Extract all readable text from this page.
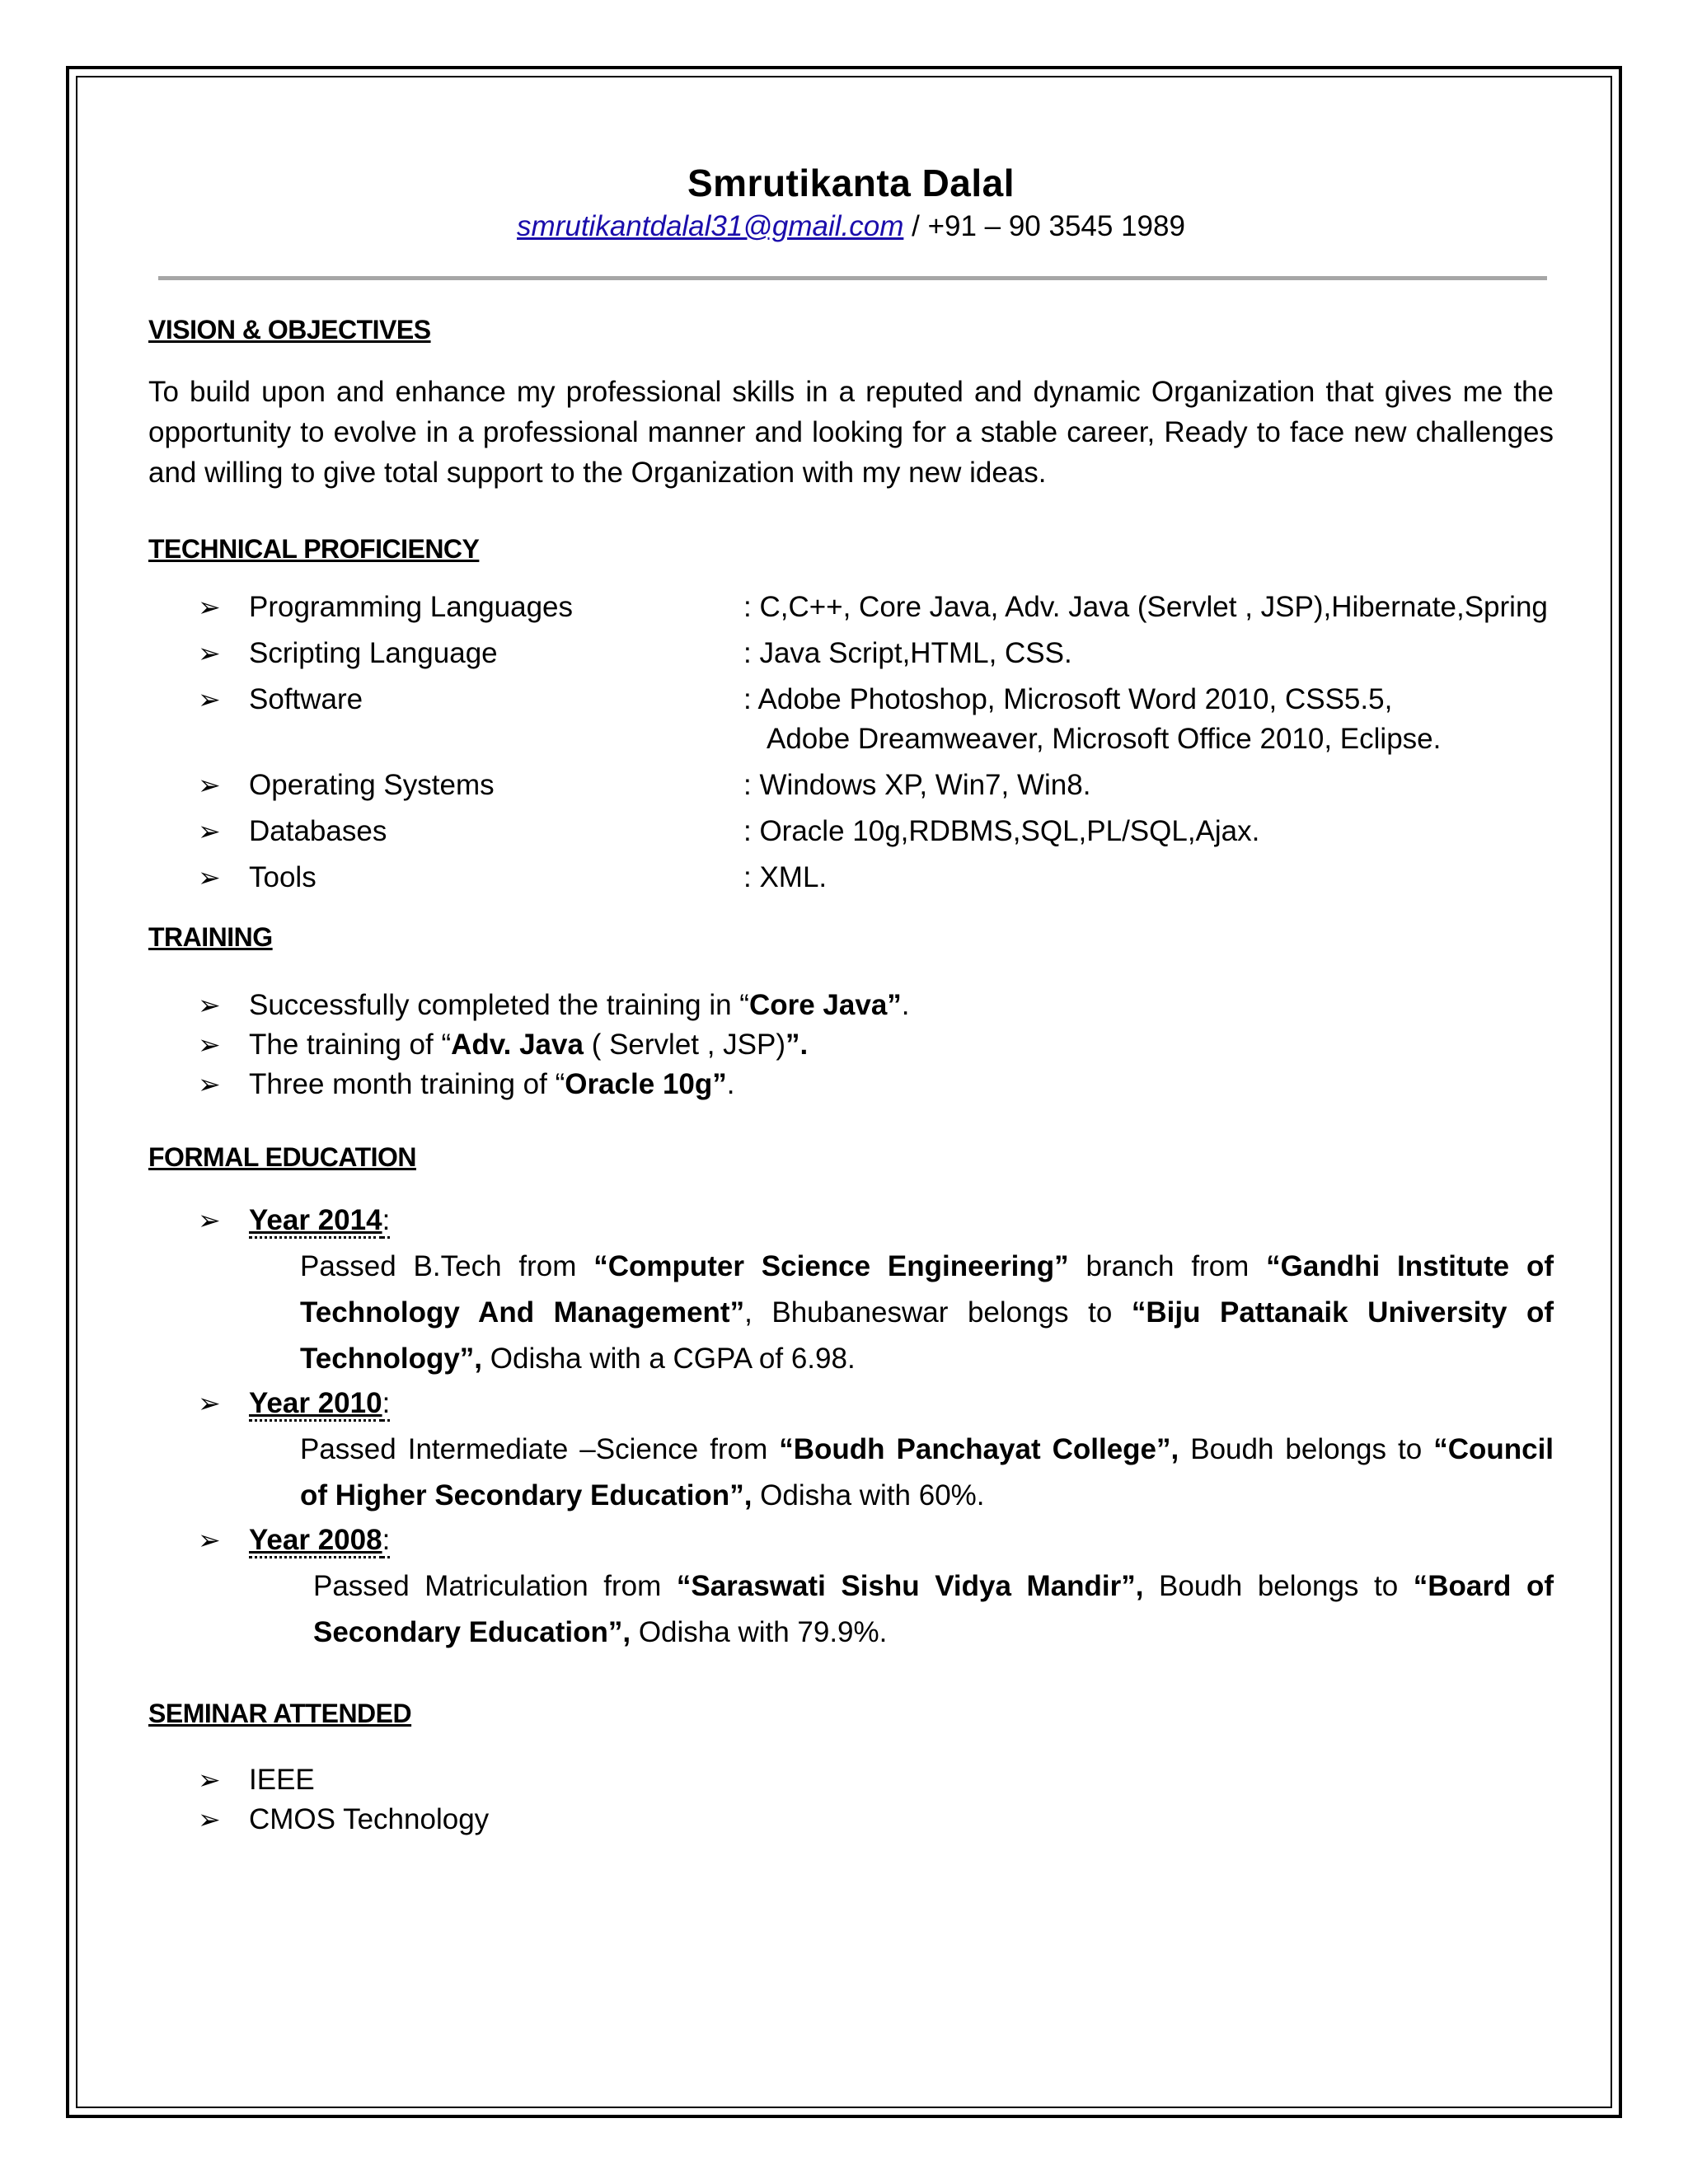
Smrutikanta Dalal
smrutikantdalal31@gmail.com / +91 – 90 3545 1989
VISION & OBJECTIVES

To build upon and enhance my professional skills in a reputed and dynamic Organization that gives me the opportunity to evolve in a professional manner and looking for a stable career, Ready to face new challenges and willing to give total support to the Organization with my new ideas.

TECHNICAL PROFICIENCY
➢ Programming Languages	: C,C++, Core Java, Adv. Java (Servlet , JSP),Hibernate,Spring
➢ Scripting Language	: Java Script,HTML, CSS.
➢ Software	: Adobe Photoshop, Microsoft Word 2010, CSS5.5,
Adobe Dreamweaver, Microsoft Office 2010, Eclipse.
➢ Operating Systems	: Windows XP, Win7, Win8.
➢ Databases	: Oracle 10g,RDBMS,SQL,PL/SQL,Ajax.
➢ Tools	: XML.
TRAINING
➢ Successfully completed the training in “Core Java”.
➢ The training of “Adv. Java ( Servlet , JSP)”.
➢ Three month training of “Oracle 10g”.
FORMAL EDUCATION
➢ Year 2014:
Passed B.Tech from “Computer Science Engineering” branch from “Gandhi Institute of Technology And Management”, Bhubaneswar belongs to “Biju Pattanaik University of Technology”, Odisha with a CGPA of 6.98.
➢ Year 2010:
Passed Intermediate –Science from “Boudh Panchayat College”, Boudh belongs to “Council of Higher Secondary Education”, Odisha with 60%.
➢ Year 2008:
Passed Matriculation from “Saraswati Sishu Vidya Mandir”, Boudh belongs to “Board of Secondary Education”, Odisha with 79.9%.
SEMINAR ATTENDED
➢ IEEE
➢ CMOS Technology
